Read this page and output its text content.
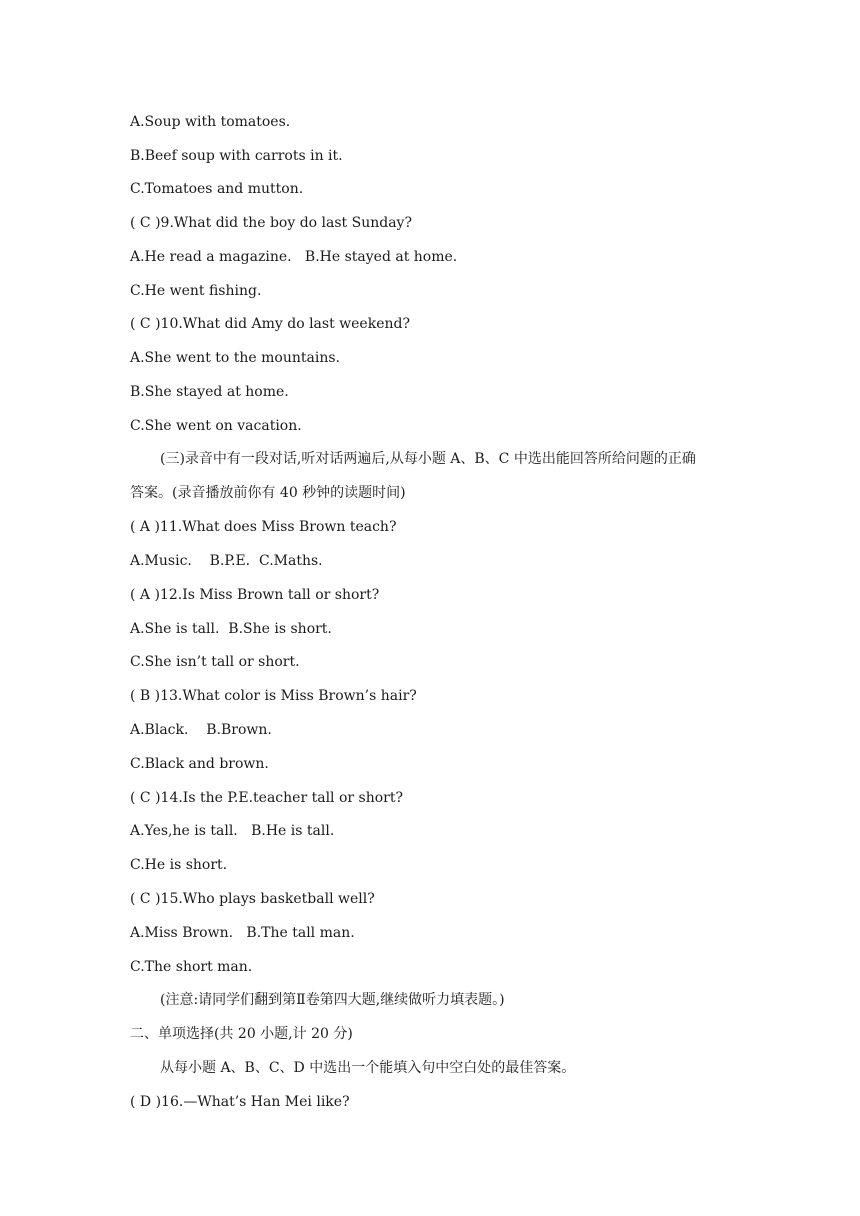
A.Soup with tomatoes.
B.Beef soup with carrots in it.
C.Tomatoes and mutton.
( C )9.What did the boy do last Sunday?
A.He read a magazine.   B.He stayed at home.
C.He went fishing.
( C )10.What did Amy do last weekend?
A.She went to the mountains.
B.She stayed at home.
C.She went on vacation.
(三)录音中有一段对话,听对话两遍后,从每小题 A、B、C 中选出能回答所给问题的正确
答案。(录音播放前你有 40 秒钟的读题时间)
( A )11.What does Miss Brown teach?
A.Music.    B.P.E.  C.Maths.
( A )12.Is Miss Brown tall or short?
A.She is tall.  B.She is short.
C.She isn’t tall or short.
( B )13.What color is Miss Brown’s hair?
A.Black.    B.Brown.
C.Black and brown.
( C )14.Is the P.E.teacher tall or short?
A.Yes,he is tall.   B.He is tall.
C.He is short.
( C )15.Who plays basketball well?
A.Miss Brown.   B.The tall man.
C.The short man.
(注意:请同学们翻到第Ⅱ卷第四大题,继续做听力填表题。)
二、单项选择(共 20 小题,计 20 分)
从每小题 A、B、C、D 中选出一个能填入句中空白处的最佳答案。
( D )16.—What’s Han Mei like?
